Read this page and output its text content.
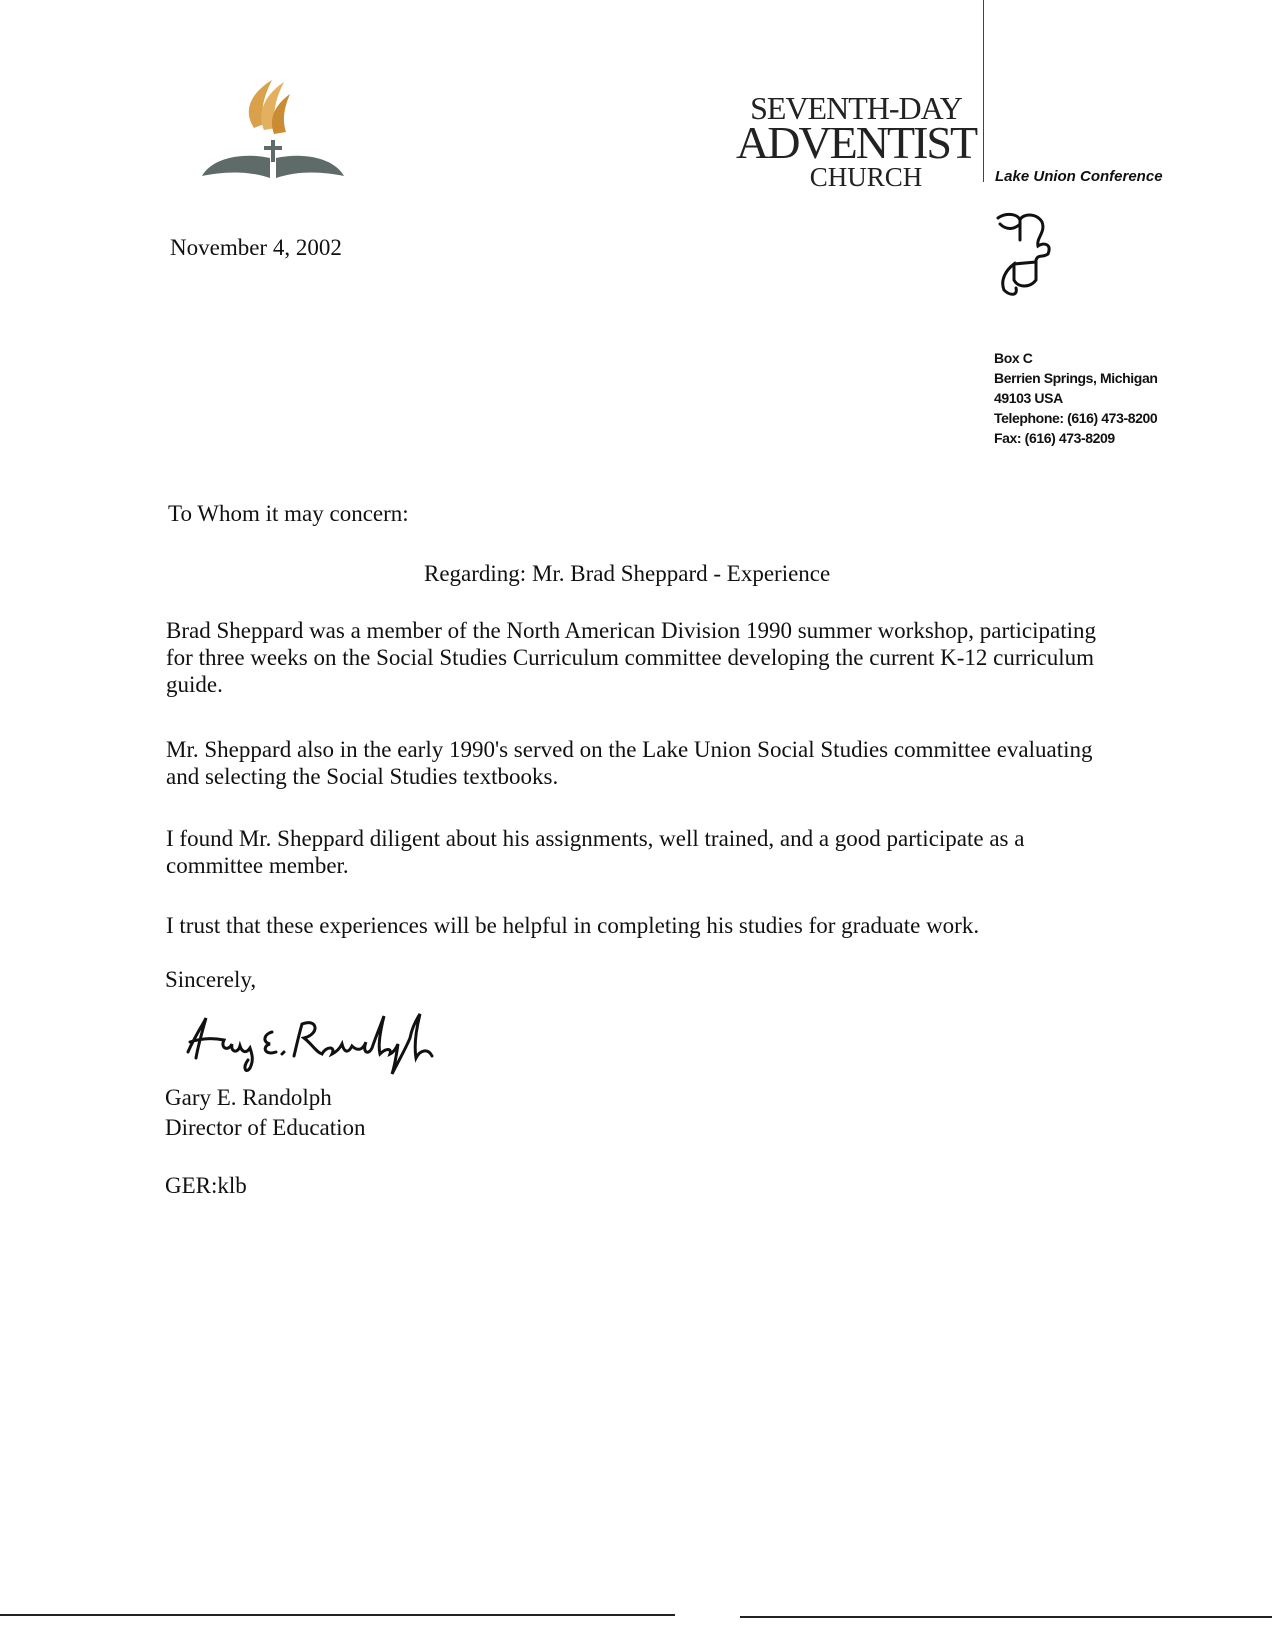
SEVENTH-DAY
ADVENTIST
CHURCH	Lake Union Conference
Box C
Berrien Springs, Michigan
49103 USA
Telephone: (616) 473-8200
Fax: (616) 473-8209
November 4, 2002
To Whom it may concern:
Regarding: Mr. Brad Sheppard - Experience
Brad Sheppard was a member of the North American Division 1990 summer workshop, participating for three weeks on the Social Studies Curriculum committee developing the current K-12 curriculum guide.
Mr. Sheppard also in the early 1990's served on the Lake Union Social Studies committee evaluating and selecting the Social Studies textbooks.
I found Mr. Sheppard diligent about his assignments, well trained, and a good participate as a committee member.
I trust that these experiences will be helpful in completing his studies for graduate work.
Sincerely,
Gary E. Randolph
Director of Education
GER:klb
